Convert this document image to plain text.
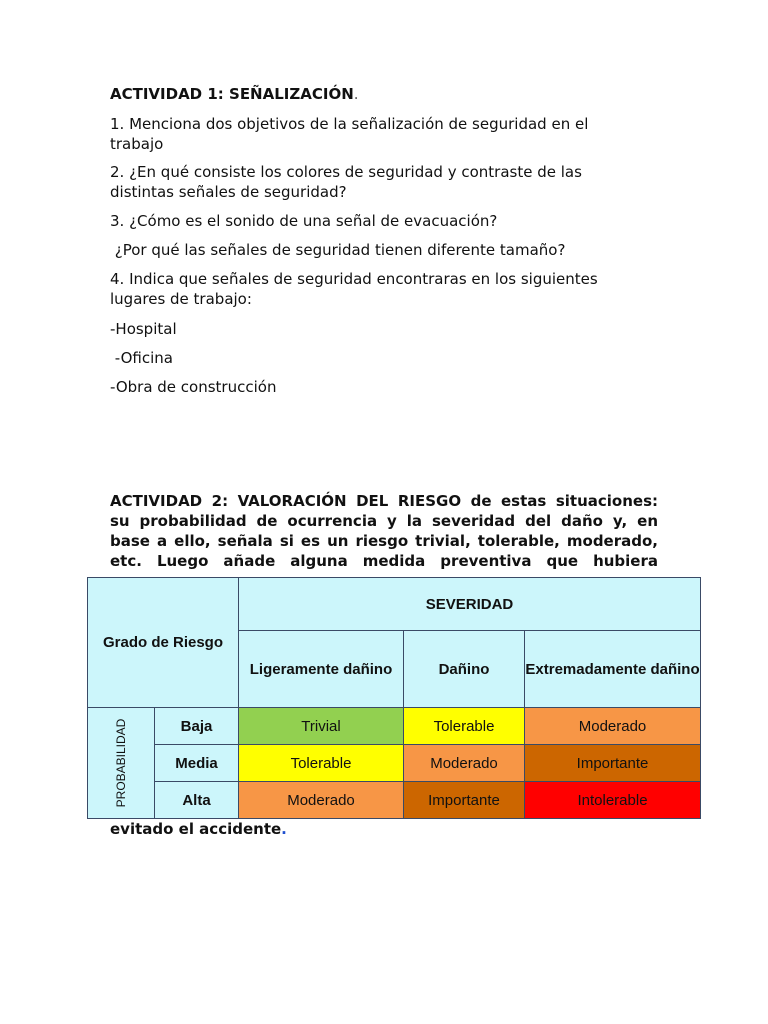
ACTIVIDAD 1: SEÑALIZACIÓN.

1. Menciona dos objetivos de la señalización de seguridad en el trabajo

2. ¿En qué consiste los colores de seguridad y contraste de las distintas señales de seguridad?

3. ¿Cómo es el sonido de una señal de evacuación?

¿Por qué las señales de seguridad tienen diferente tamaño?

4. Indica que señales de seguridad encontraras en los siguientes lugares de trabajo:

-Hospital

-Oficina

-Obra de construcción

ACTIVIDAD 2: VALORACIÓN DEL RIESGO de estas situaciones:

su probabilidad de ocurrencia y la severidad del daño y, en

base a ello, señala si es un riesgo trivial, tolerable, moderado,

etc. Luego añade alguna medida preventiva que hubiera

Grado de Riesgo		SEVERIDAD		
		Ligeramente dañino	Dañino	Extremadamente dañino

PROBABILIDAD	Baja	Trivial	Tolerable	Moderado
	Media	Tolerable	Moderado	Importante
	Alta	Moderado	Importante	Intolerable

evitado el accidente.
